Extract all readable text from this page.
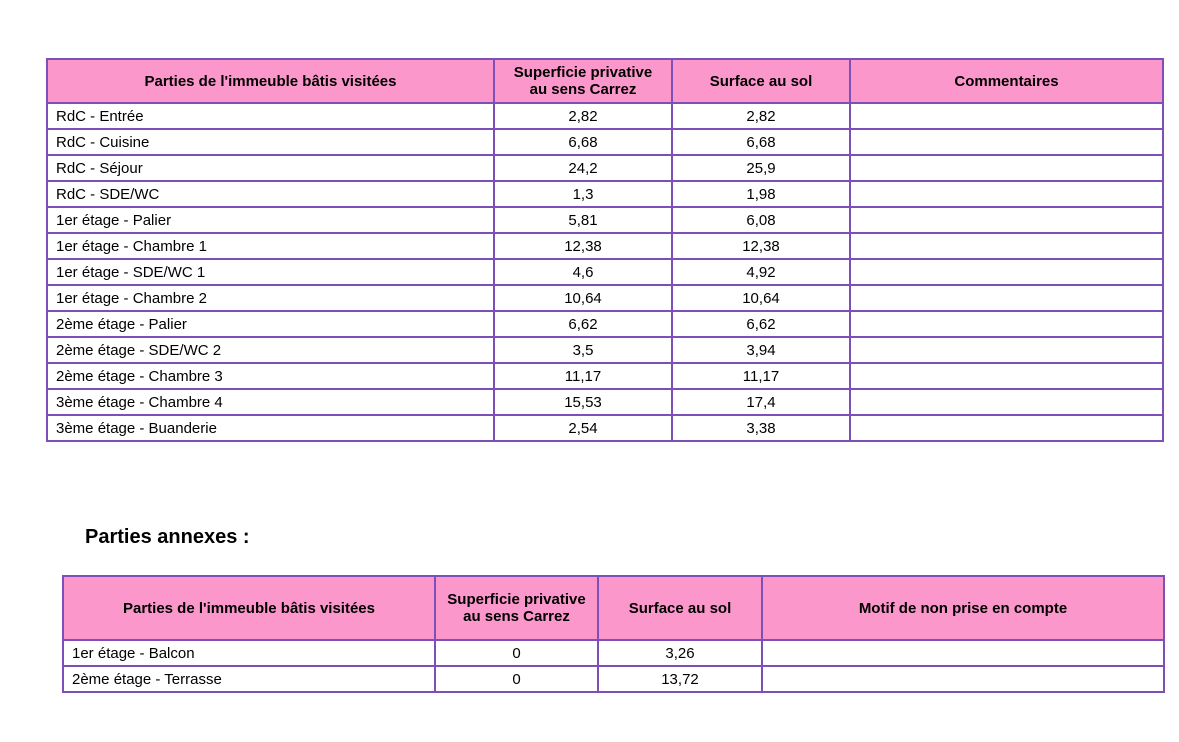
Parties de l'immeuble bâtis visitées	Superficie privative au sens Carrez	Surface au sol	Commentaires
RdC - Entrée	2,82	2,82	
RdC - Cuisine	6,68	6,68	
RdC - Séjour	24,2	25,9	
RdC - SDE/WC	1,3	1,98	
1er étage - Palier	5,81	6,08	
1er étage - Chambre 1	12,38	12,38	
1er étage - SDE/WC 1	4,6	4,92	
1er étage - Chambre 2	10,64	10,64	
2ème étage - Palier	6,62	6,62	
2ème étage - SDE/WC 2	3,5	3,94	
2ème étage - Chambre 3	11,17	11,17	
3ème étage - Chambre 4	15,53	17,4	
3ème étage - Buanderie	2,54	3,38	
Parties annexes :
Parties de l'immeuble bâtis visitées	Superficie privative au sens Carrez	Surface au sol	Motif de non prise en compte
1er étage - Balcon	0	3,26	
2ème étage - Terrasse	0	13,72	
